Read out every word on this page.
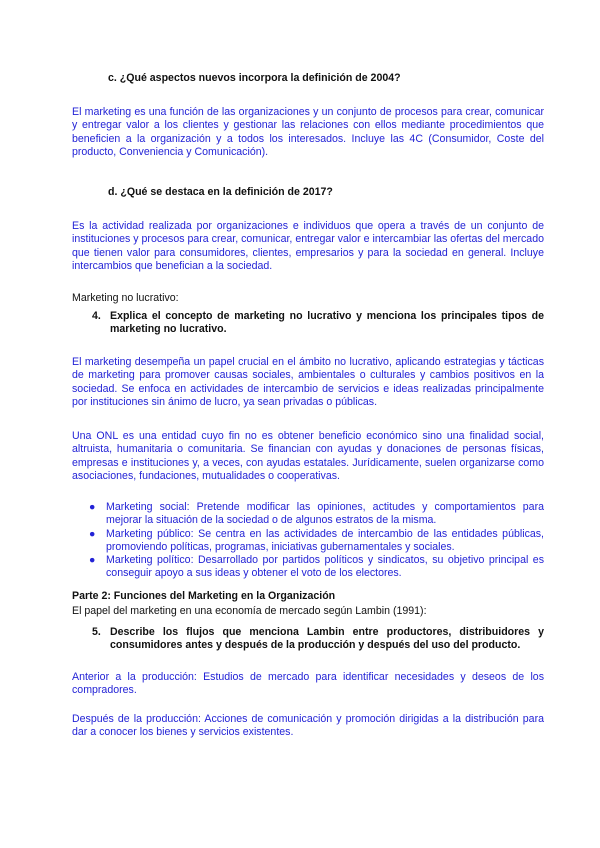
c. ¿Qué aspectos nuevos incorpora la definición de 2004?
El marketing es una función de las organizaciones y un conjunto de procesos para crear, comunicar y entregar valor a los clientes y gestionar las relaciones con ellos mediante procedimientos que beneficien a la organización y a todos los interesados. Incluye las 4C (Consumidor, Coste del producto, Conveniencia y Comunicación).
d. ¿Qué se destaca en la definición de 2017?
Es la actividad realizada por organizaciones e individuos que opera a través de un conjunto de instituciones y procesos para crear, comunicar, entregar valor e intercambiar las ofertas del mercado que tienen valor para consumidores, clientes, empresarios y para la sociedad en general. Incluye intercambios que benefician a la sociedad.
Marketing no lucrativo:
4. Explica el concepto de marketing no lucrativo y menciona los principales tipos de marketing no lucrativo.
El marketing desempeña un papel crucial en el ámbito no lucrativo, aplicando estrategias y tácticas de marketing para promover causas sociales, ambientales o culturales y cambios positivos en la sociedad. Se enfoca en actividades de intercambio de servicios e ideas realizadas principalmente por instituciones sin ánimo de lucro, ya sean privadas o públicas.
Una ONL es una entidad cuyo fin no es obtener beneficio económico sino una finalidad social, altruista, humanitaria o comunitaria. Se financian con ayudas y donaciones de personas físicas, empresas e instituciones y, a veces, con ayudas estatales. Jurídicamente, suelen organizarse como asociaciones, fundaciones, mutualidades o cooperativas.
● Marketing social: Pretende modificar las opiniones, actitudes y comportamientos para mejorar la situación de la sociedad o de algunos estratos de la misma.
● Marketing público: Se centra en las actividades de intercambio de las entidades públicas, promoviendo políticas, programas, iniciativas gubernamentales y sociales.
● Marketing político: Desarrollado por partidos políticos y sindicatos, su objetivo principal es conseguir apoyo a sus ideas y obtener el voto de los electores.
Parte 2: Funciones del Marketing en la Organización
El papel del marketing en una economía de mercado según Lambin (1991):
5. Describe los flujos que menciona Lambin entre productores, distribuidores y consumidores antes y después de la producción y después del uso del producto.
Anterior a la producción: Estudios de mercado para identificar necesidades y deseos de los compradores.
Después de la producción: Acciones de comunicación y promoción dirigidas a la distribución para dar a conocer los bienes y servicios existentes.
